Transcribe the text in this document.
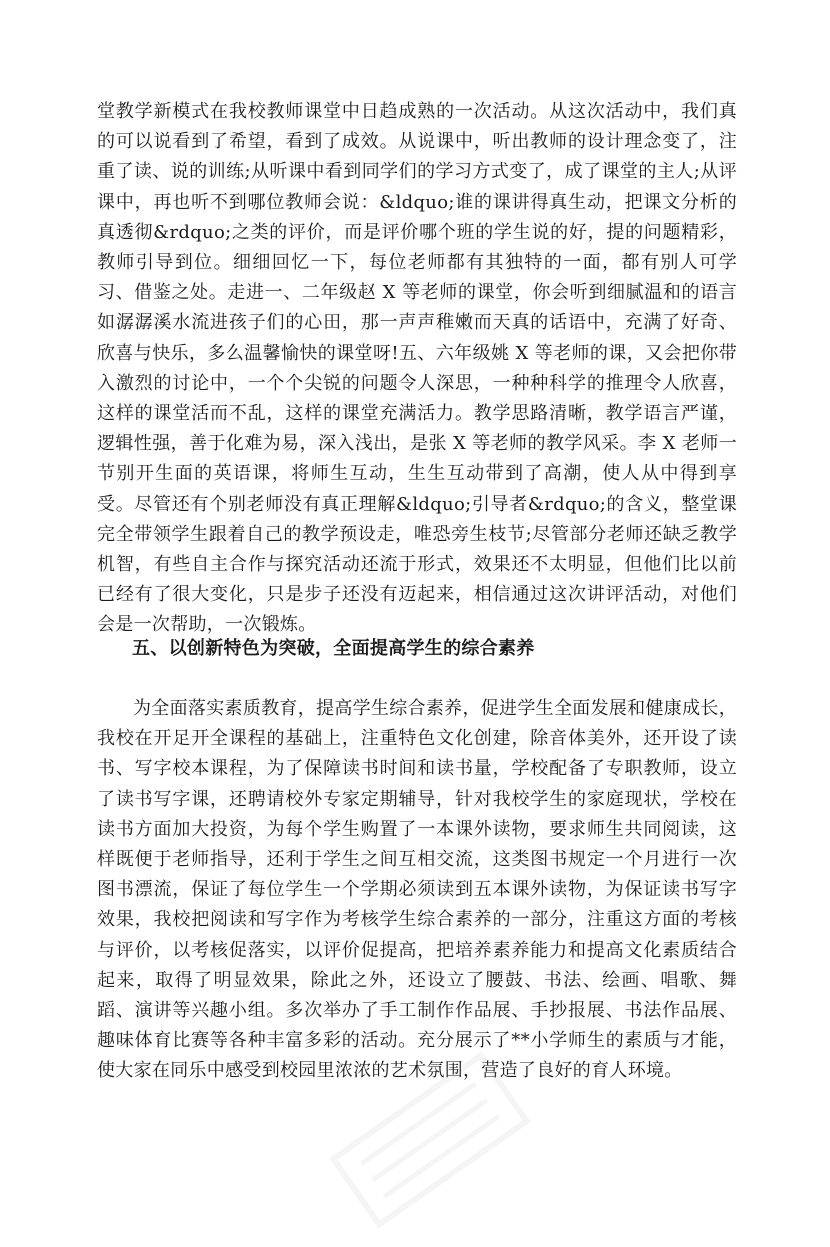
堂教学新模式在我校教师课堂中日趋成熟的一次活动。从这次活动中，我们真的可以说看到了希望，看到了成效。从说课中，听出教师的设计理念变了，注重了读、说的训练;从听课中看到同学们的学习方式变了，成了课堂的主人;从评课中，再也听不到哪位教师会说：&ldquo;谁的课讲得真生动，把课文分析的真透彻&rdquo;之类的评价，而是评价哪个班的学生说的好，提的问题精彩，教师引导到位。细细回忆一下，每位老师都有其独特的一面，都有别人可学习、借鉴之处。走进一、二年级赵 X 等老师的课堂，你会听到细腻温和的语言如潺潺溪水流进孩子们的心田，那一声声稚嫩而天真的话语中，充满了好奇、欣喜与快乐，多么温馨愉快的课堂呀!五、六年级姚 X 等老师的课，又会把你带入激烈的讨论中，一个个尖锐的问题令人深思，一种种科学的推理令人欣喜，这样的课堂活而不乱，这样的课堂充满活力。教学思路清晰，教学语言严谨，逻辑性强，善于化难为易，深入浅出，是张 X 等老师的教学风采。李 X 老师一节别开生面的英语课，将师生互动，生生互动带到了高潮，使人从中得到享受。尽管还有个别老师没有真正理解&ldquo;引导者&rdquo;的含义，整堂课完全带领学生跟着自己的教学预设走，唯恐旁生枝节;尽管部分老师还缺乏教学机智，有些自主合作与探究活动还流于形式，效果还不太明显，但他们比以前已经有了很大变化，只是步子还没有迈起来，相信通过这次讲评活动，对他们会是一次帮助，一次锻炼。

五、以创新特色为突破，全面提高学生的综合素养

为全面落实素质教育，提高学生综合素养，促进学生全面发展和健康成长，我校在开足开全课程的基础上，注重特色文化创建，除音体美外，还开设了读书、写字校本课程，为了保障读书时间和读书量，学校配备了专职教师，设立了读书写字课，还聘请校外专家定期辅导，针对我校学生的家庭现状，学校在读书方面加大投资，为每个学生购置了一本课外读物，要求师生共同阅读，这样既便于老师指导，还利于学生之间互相交流，这类图书规定一个月进行一次图书漂流，保证了每位学生一个学期必须读到五本课外读物，为保证读书写字效果，我校把阅读和写字作为考核学生综合素养的一部分，注重这方面的考核与评价，以考核促落实，以评价促提高，把培养素养能力和提高文化素质结合起来，取得了明显效果，除此之外，还设立了腰鼓、书法、绘画、唱歌、舞蹈、演讲等兴趣小组。多次举办了手工制作作品展、手抄报展、书法作品展、趣味体育比赛等各种丰富多彩的活动。充分展示了**小学师生的素质与才能，使大家在同乐中感受到校园里浓浓的艺术氛围，营造了良好的育人环境。
